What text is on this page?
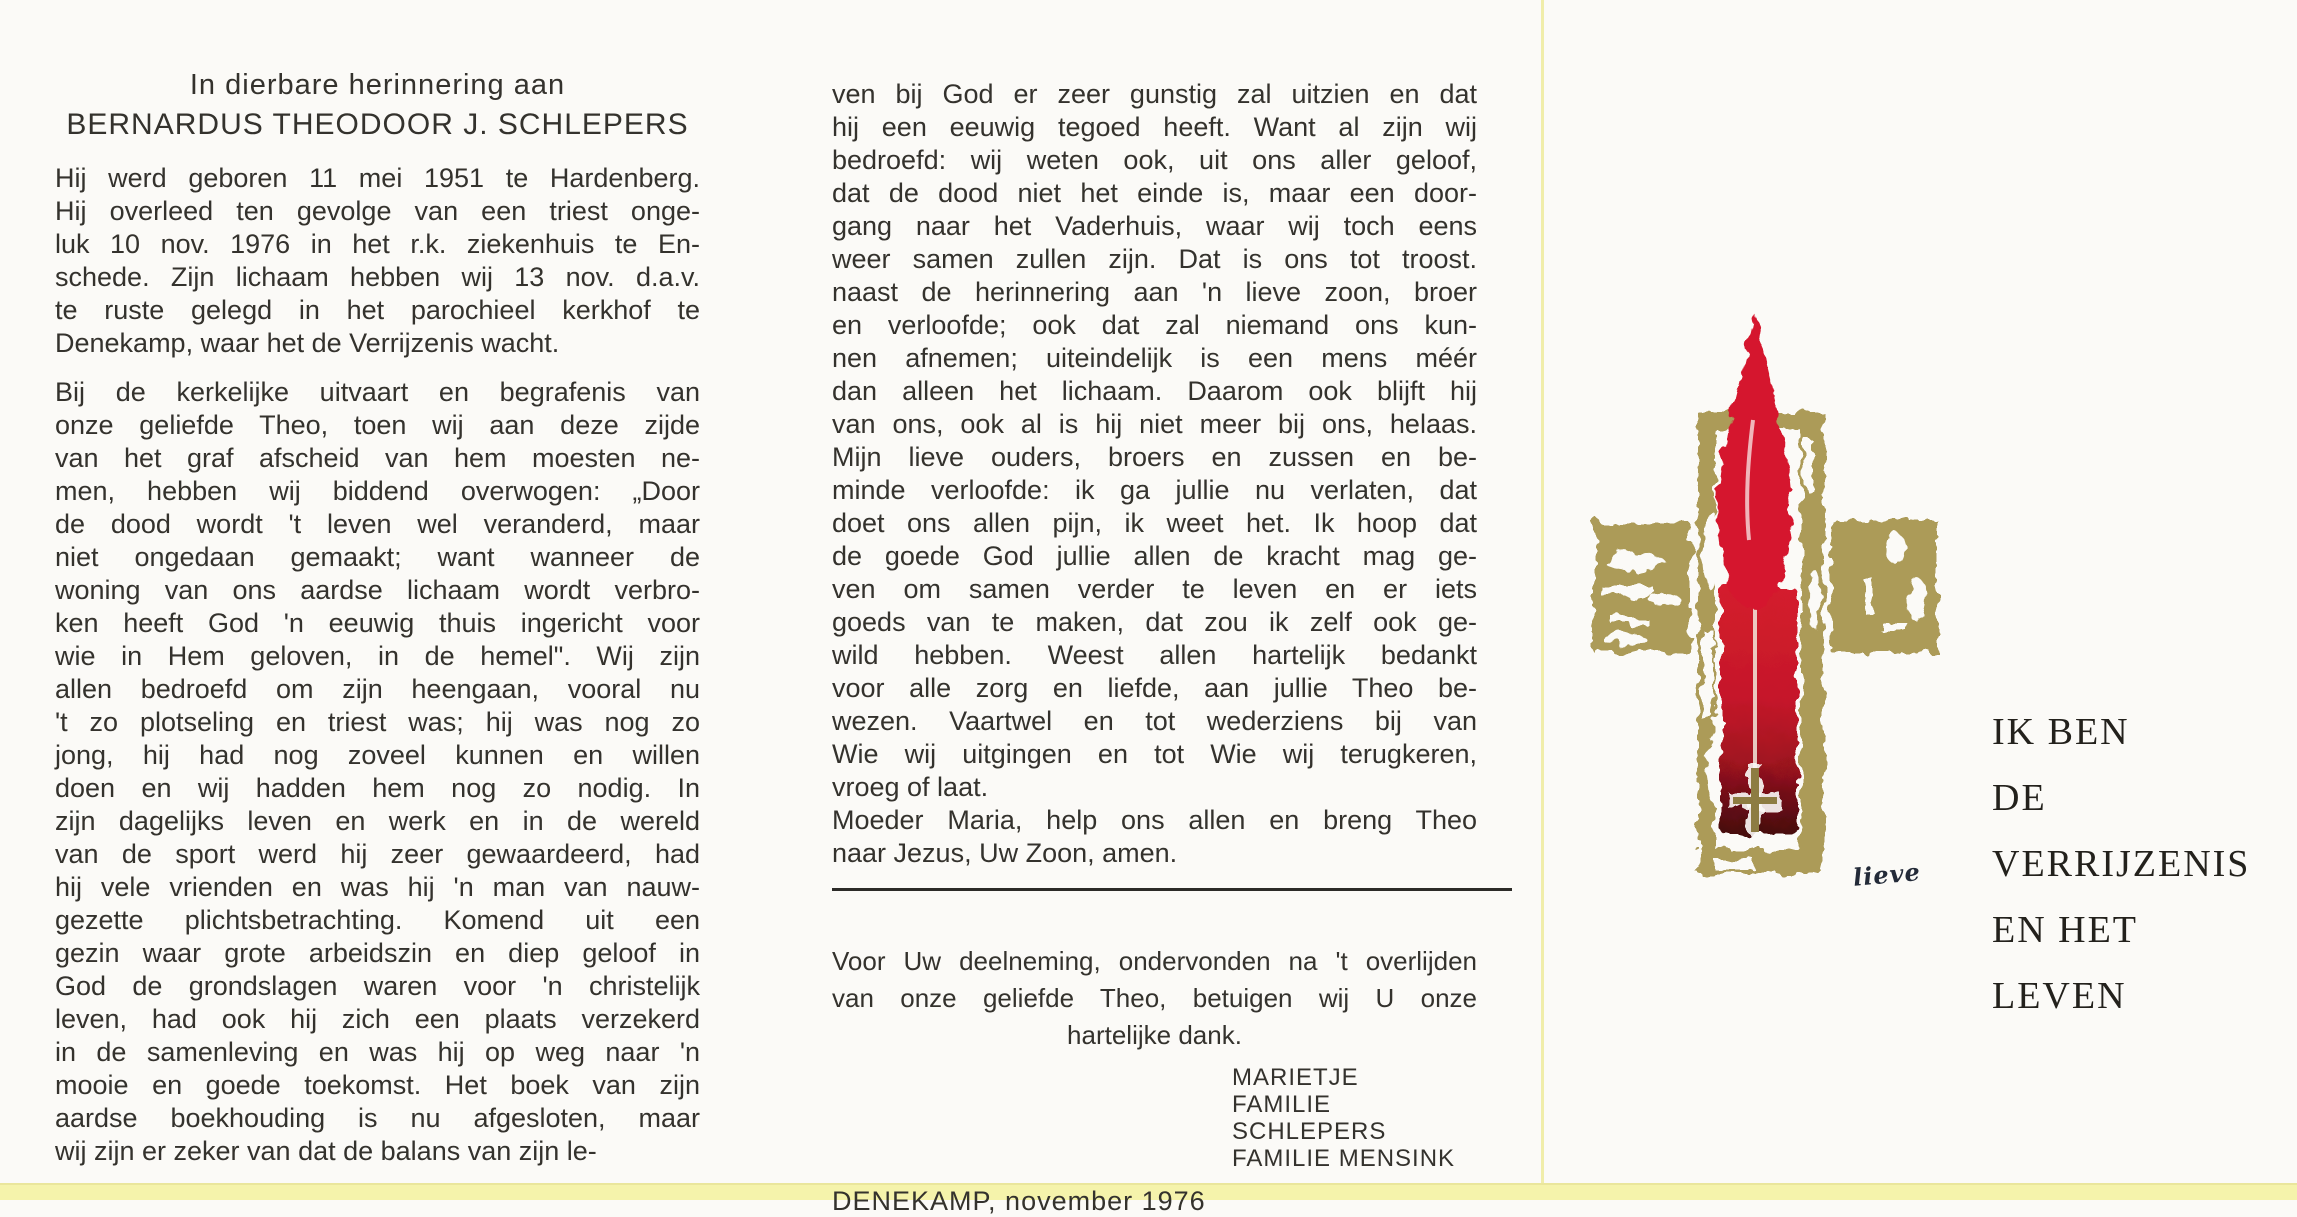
In dierbare herinnering aan
BERNARDUS THEODOOR J. SCHLEPERS
Hij werd geboren 11 mei 1951 te Hardenberg.
Hij overleed ten gevolge van een triest onge-
luk 10 nov. 1976 in het r.k. ziekenhuis te En-
schede. Zijn lichaam hebben wij 13 nov. d.a.v.
te ruste gelegd in het parochieel kerkhof te
Denekamp, waar het de Verrijzenis wacht.
Bij de kerkelijke uitvaart en begrafenis van
onze geliefde Theo, toen wij aan deze zijde
van het graf afscheid van hem moesten ne-
men, hebben wij biddend overwogen: „Door
de dood wordt 't leven wel veranderd, maar
niet ongedaan gemaakt; want wanneer de
woning van ons aardse lichaam wordt verbro-
ken heeft God 'n eeuwig thuis ingericht voor
wie in Hem geloven, in de hemel". Wij zijn
allen bedroefd om zijn heengaan, vooral nu
't zo plotseling en triest was; hij was nog zo
jong, hij had nog zoveel kunnen en willen
doen en wij hadden hem nog zo nodig. In
zijn dagelijks leven en werk en in de wereld
van de sport werd hij zeer gewaardeerd, had
hij vele vrienden en was hij 'n man van nauw-
gezette plichtsbetrachting. Komend uit een
gezin waar grote arbeidszin en diep geloof in
God de grondslagen waren voor 'n christelijk
leven, had ook hij zich een plaats verzekerd
in de samenleving en was hij op weg naar 'n
mooie en goede toekomst. Het boek van zijn
aardse boekhouding is nu afgesloten, maar
wij zijn er zeker van dat de balans van zijn le-
ven bij God er zeer gunstig zal uitzien en dat
hij een eeuwig tegoed heeft. Want al zijn wij
bedroefd: wij weten ook, uit ons aller geloof,
dat de dood niet het einde is, maar een door-
gang naar het Vaderhuis, waar wij toch eens
weer samen zullen zijn. Dat is ons tot troost.
naast de herinnering aan 'n lieve zoon, broer
en verloofde; ook dat zal niemand ons kun-
nen afnemen; uiteindelijk is een mens méér
dan alleen het lichaam. Daarom ook blijft hij
van ons, ook al is hij niet meer bij ons, helaas.
Mijn lieve ouders, broers en zussen en be-
minde verloofde: ik ga jullie nu verlaten, dat
doet ons allen pijn, ik weet het. Ik hoop dat
de goede God jullie allen de kracht mag ge-
ven om samen verder te leven en er iets
goeds van te maken, dat zou ik zelf ook ge-
wild hebben. Weest allen hartelijk bedankt
voor alle zorg en liefde, aan jullie Theo be-
wezen. Vaartwel en tot wederziens bij van
Wie wij uitgingen en tot Wie wij terugkeren,
vroeg of laat.
Moeder Maria, help ons allen en breng Theo
naar Jezus, Uw Zoon, amen.
Voor Uw deelneming, ondervonden na 't overlijden
van onze geliefde Theo, betuigen wij U onze
hartelijke dank.
MARIETJE
FAMILIE SCHLEPERS
FAMILIE MENSINK
DENEKAMP, november 1976
lieve
IK BEN
DE
VERRIJZENIS
EN HET
LEVEN
